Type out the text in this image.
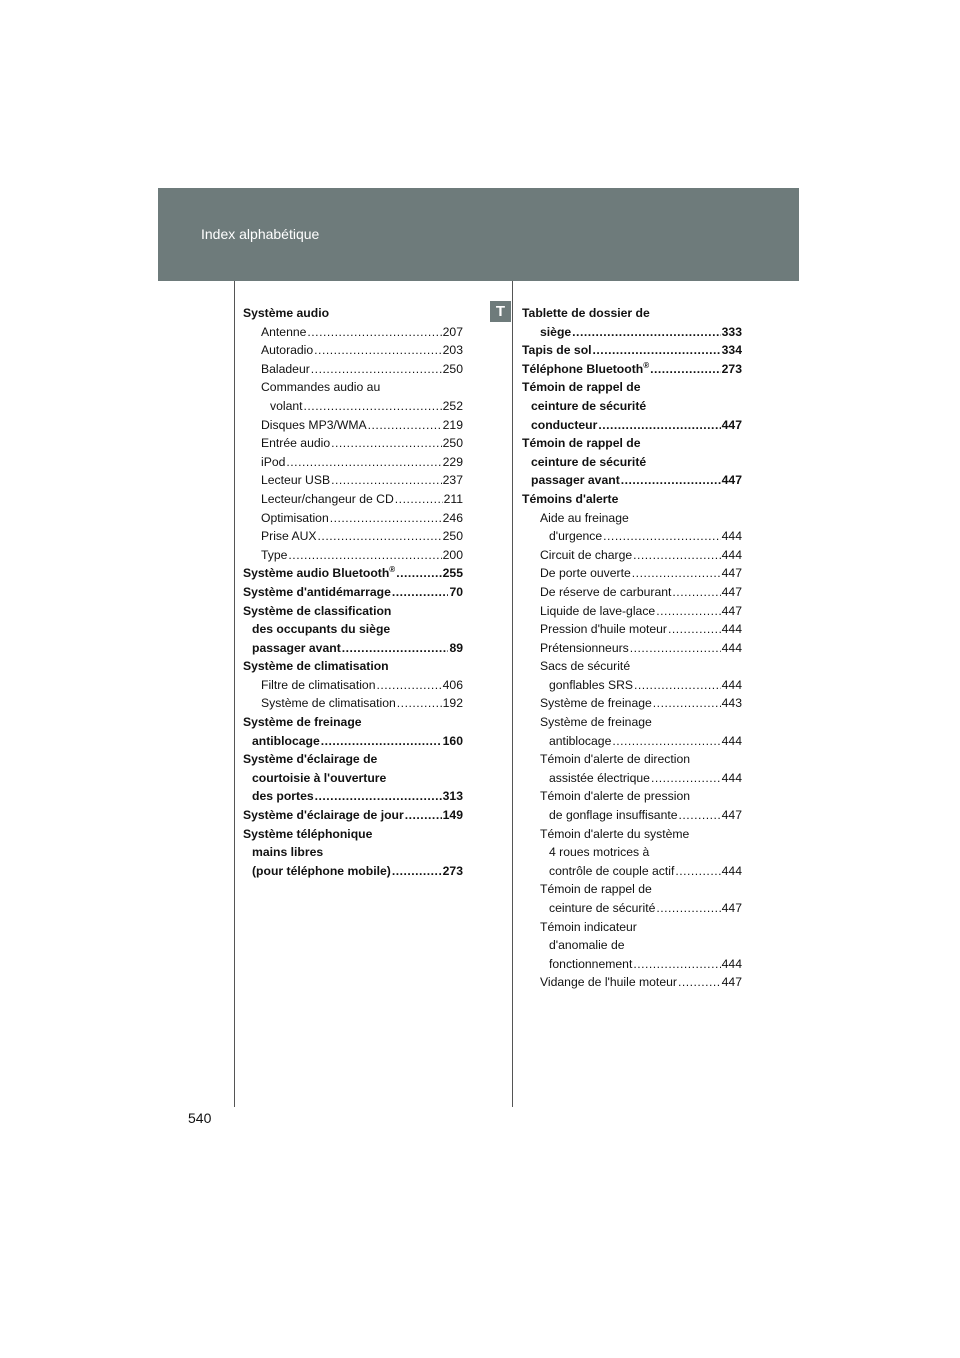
Index alphabétique
T
Système audio
Antenne .....	207
Autoradio .....	203
Baladeur .....	250
Commandes audio au
volant .....	252
Disques MP3/WMA .....	219
Entrée audio .....	250
iPod .....	229
Lecteur USB .....	237
Lecteur/changeur de CD .....	211
Optimisation .....	246
Prise AUX .....	250
Type .....	200
Système audio Bluetooth® .....	255
Système d'antidémarrage .....	70
Système de classification
des occupants du siège
passager avant .....	89
Système de climatisation
Filtre de climatisation .....	406
Système de climatisation .....	192
Système de freinage
antiblocage .....	160
Système d'éclairage de
courtoisie à l'ouverture
des portes .....	313
Système d'éclairage de jour .....	149
Système téléphonique
mains libres
(pour téléphone mobile) .....	273
Tablette de dossier de
siège .....	333
Tapis de sol .....	334
Téléphone Bluetooth® .....	273
Témoin de rappel de
ceinture de sécurité
conducteur .....	447
Témoin de rappel de
ceinture de sécurité
passager avant .....	447
Témoins d'alerte
Aide au freinage
d'urgence .....	444
Circuit de charge .....	444
De porte ouverte .....	447
De réserve de carburant .....	447
Liquide de lave-glace .....	447
Pression d'huile moteur .....	444
Prétensionneurs .....	444
Sacs de sécurité
gonflables SRS .....	444
Système de freinage .....	443
Système de freinage
antiblocage .....	444
Témoin d'alerte de direction
assistée électrique .....	444
Témoin d'alerte de pression
de gonflage insuffisante .....	447
Témoin d'alerte du système
4 roues motrices à
contrôle de couple actif .....	444
Témoin de rappel de
ceinture de sécurité .....	447
Témoin indicateur
d'anomalie de
fonctionnement .....	444
Vidange de l'huile moteur .....	447
540
